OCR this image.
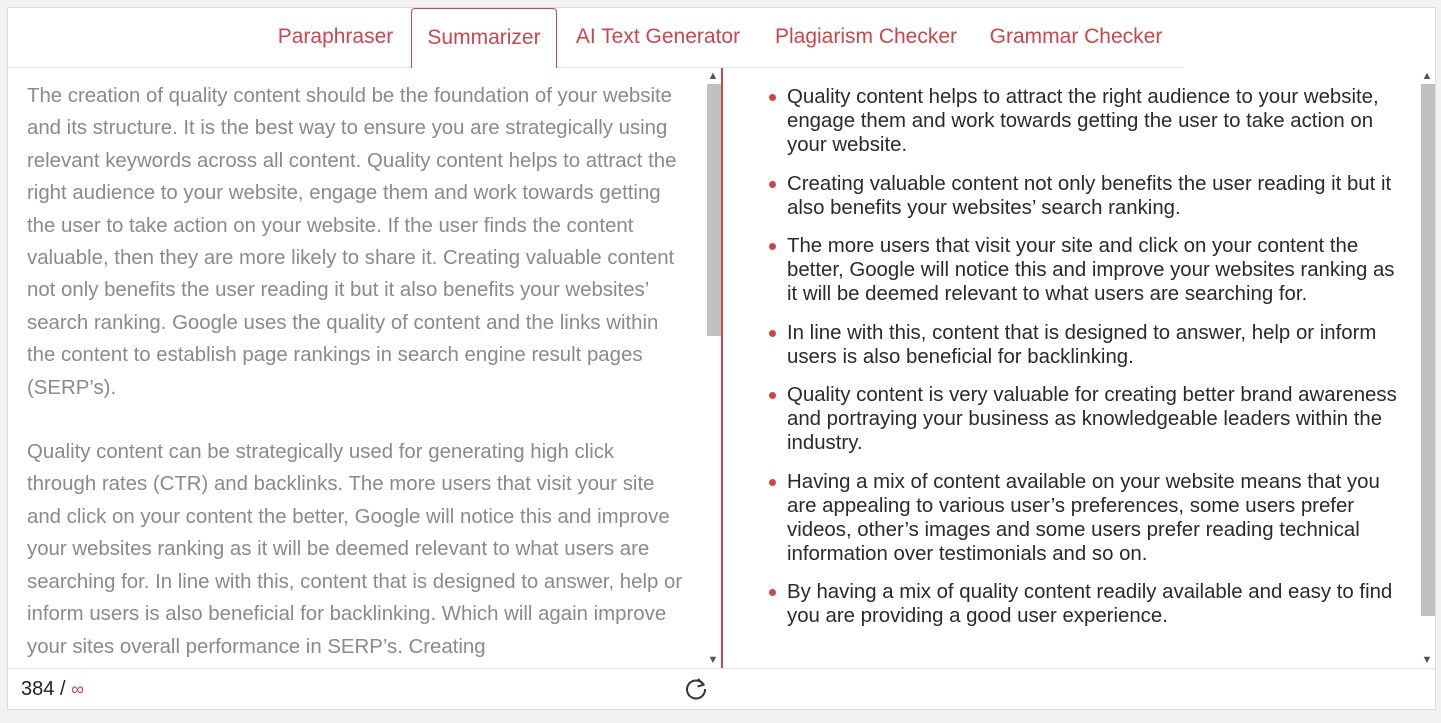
Paraphraser	Summarizer	AI Text Generator	Plagiarism Checker	Grammar Checker

The creation of quality content should be the foundation of your website and its structure. It is the best way to ensure you are strategically using relevant keywords across all content. Quality content helps to attract the right audience to your website, engage them and work towards getting the user to take action on your website. If the user finds the content valuable, then they are more likely to share it. Creating valuable content not only benefits the user reading it but it also benefits your websites’ search ranking. Google uses the quality of content and the links within the content to establish page rankings in search engine result pages (SERP’s).

Quality content can be strategically used for generating high click through rates (CTR) and backlinks. The more users that visit your site and click on your content the better, Google will notice this and improve your websites ranking as it will be deemed relevant to what users are searching for. In line with this, content that is designed to answer, help or inform users is also beneficial for backlinking. Which will again improve your sites overall performance in SERP’s. Creating

▲
▼
Quality content helps to attract the right audience to your website, engage them and work towards getting the user to take action on your website.
Creating valuable content not only benefits the user reading it but it also benefits your websites’ search ranking.
The more users that visit your site and click on your content the better, Google will notice this and improve your websites ranking as it will be deemed relevant to what users are searching for.
In line with this, content that is designed to answer, help or inform users is also beneficial for backlinking.
Quality content is very valuable for creating better brand awareness and portraying your business as knowledgeable leaders within the industry.
Having a mix of content available on your website means that you are appealing to various user’s preferences, some users prefer videos, other’s images and some users prefer reading technical information over testimonials and so on.
By having a mix of quality content readily available and easy to find you are providing a good user experience.
▲
▼
384 / ∞
